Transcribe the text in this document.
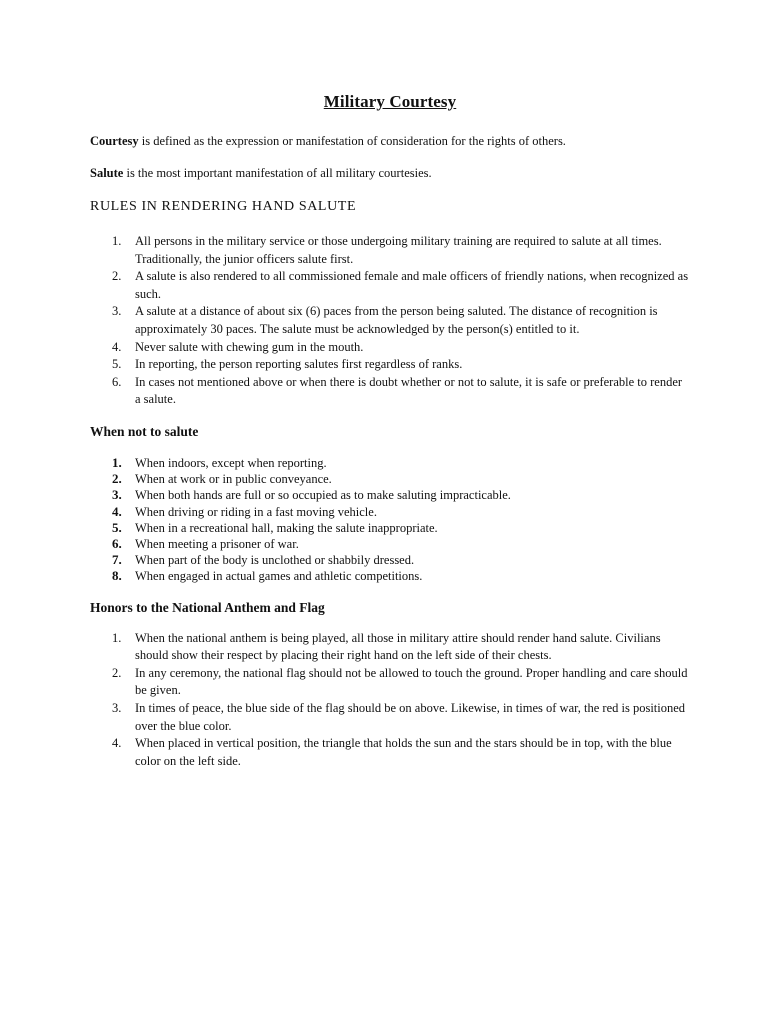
Military Courtesy

Courtesy is defined as the expression or manifestation of consideration for the rights of others.

Salute is the most important manifestation of all military courtesies.

RULES IN RENDERING HAND SALUTE
1. All persons in the military service or those undergoing military training are required to salute at all times. Traditionally, the junior officers salute first.
2. A salute is also rendered to all commissioned female and male officers of friendly nations, when recognized as such.
3. A salute at a distance of about six (6) paces from the person being saluted. The distance of recognition is approximately 30 paces. The salute must be acknowledged by the person(s) entitled to it.
4. Never salute with chewing gum in the mouth.
5. In reporting, the person reporting salutes first regardless of ranks.
6. In cases not mentioned above or when there is doubt whether or not to salute, it is safe or preferable to render a salute.
When not to salute
1. When indoors, except when reporting.
2. When at work or in public conveyance.
3. When both hands are full or so occupied as to make saluting impracticable.
4. When driving or riding in a fast moving vehicle.
5. When in a recreational hall, making the salute inappropriate.
6. When meeting a prisoner of war.
7. When part of the body is unclothed or shabbily dressed.
8. When engaged in actual games and athletic competitions.
Honors to the National Anthem and Flag
1. When the national anthem is being played, all those in military attire should render hand salute. Civilians should show their respect by placing their right hand on the left side of their chests.
2. In any ceremony, the national flag should not be allowed to touch the ground. Proper handling and care should be given.
3. In times of peace, the blue side of the flag should be on above. Likewise, in times of war, the red is positioned over the blue color.
4. When placed in vertical position, the triangle that holds the sun and the stars should be in top, with the blue color on the left side.
